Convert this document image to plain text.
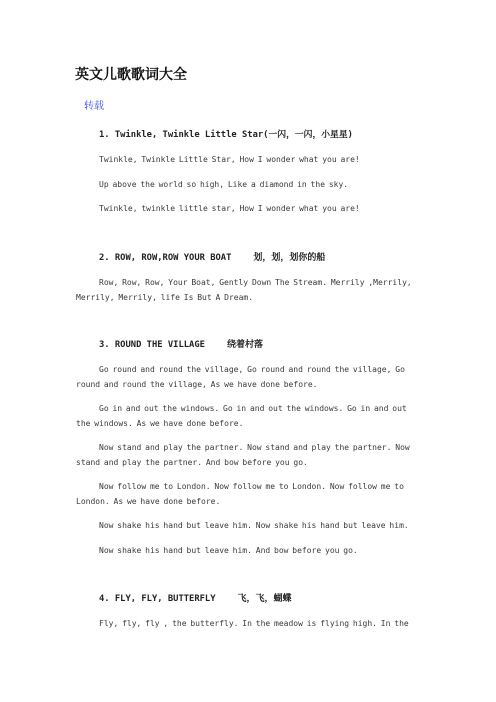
英文儿歌歌词大全
转载

1. Twinkle, Twinkle Little Star(一闪，一闪，小星星)

Twinkle, Twinkle Little Star, How I wonder what you are!

Up above the world so high, Like a diamond in the sky.

Twinkle, twinkle little star, How I wonder what you are!

2. ROW, ROW,ROW YOUR BOAT 划，划，划你的船

Row, Row, Row, Your Boat, Gently Down The Stream. Merrily ,Merrily, Merrily, Merrily, life Is But A Dream.

3. ROUND THE VILLAGE 绕着村落

Go round and round the village, Go round and round the village, Go round and round the village, As we have done before.

Go in and out the windows. Go in and out the windows. Go in and out the windows. As we have done before.

Now stand and play the partner. Now stand and play the partner. Now stand and play the partner. And bow before you go.

Now follow me to London. Now follow me to London. Now follow me to London. As we have done before.

Now shake his hand but leave him. Now shake his hand but leave him.

Now shake his hand but leave him. And bow before you go.

4. FLY, FLY, BUTTERFLY 飞，飞，蝴蝶

Fly, fly, fly , the butterfly. In the meadow is flying high. In the
